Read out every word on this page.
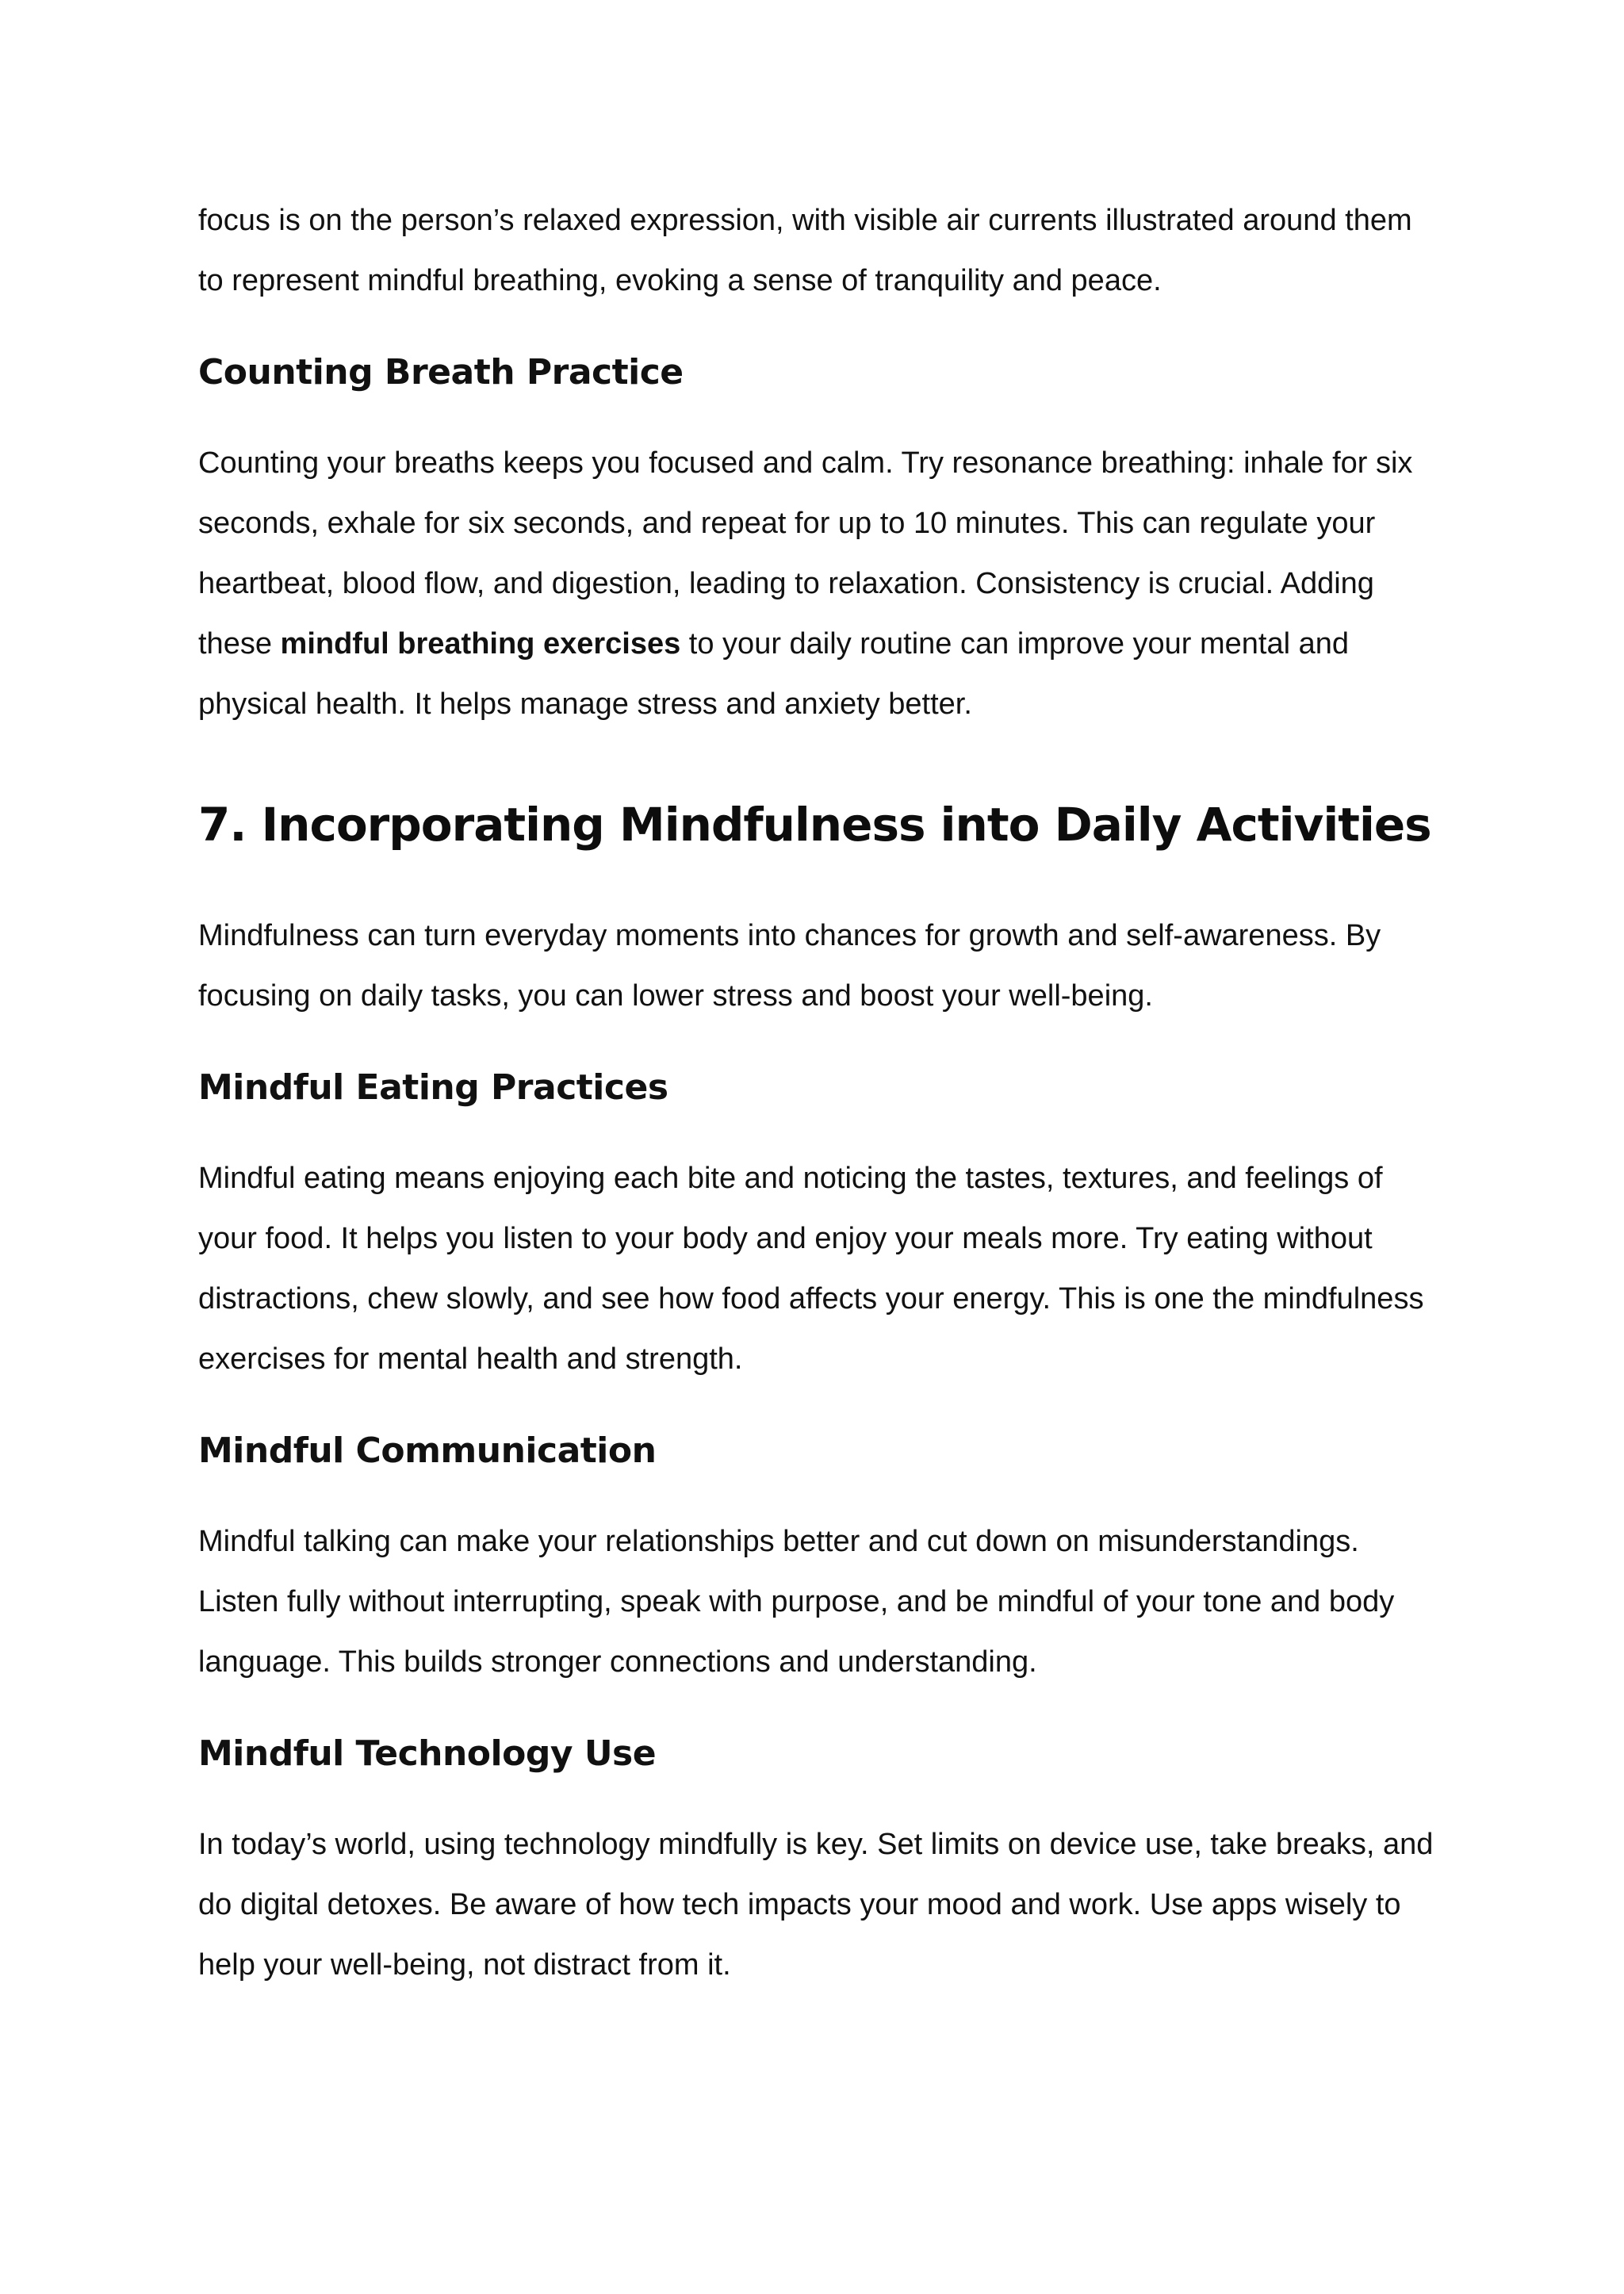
focus is on the person’s relaxed expression, with visible air currents illustrated around them to represent mindful breathing, evoking a sense of tranquility and peace.

Counting Breath Practice

Counting your breaths keeps you focused and calm. Try resonance breathing: inhale for six seconds, exhale for six seconds, and repeat for up to 10 minutes. This can regulate your heartbeat, blood flow, and digestion, leading to relaxation. Consistency is crucial. Adding these mindful breathing exercises to your daily routine can improve your mental and physical health. It helps manage stress and anxiety better.

7. Incorporating Mindfulness into Daily Activities

Mindfulness can turn everyday moments into chances for growth and self-awareness. By focusing on daily tasks, you can lower stress and boost your well-being.

Mindful Eating Practices

Mindful eating means enjoying each bite and noticing the tastes, textures, and feelings of your food. It helps you listen to your body and enjoy your meals more. Try eating without distractions, chew slowly, and see how food affects your energy. This is one the mindfulness exercises for mental health and strength.

Mindful Communication

Mindful talking can make your relationships better and cut down on misunderstandings. Listen fully without interrupting, speak with purpose, and be mindful of your tone and body language. This builds stronger connections and understanding.

Mindful Technology Use

In today’s world, using technology mindfully is key. Set limits on device use, take breaks, and do digital detoxes. Be aware of how tech impacts your mood and work. Use apps wisely to help your well-being, not distract from it.
